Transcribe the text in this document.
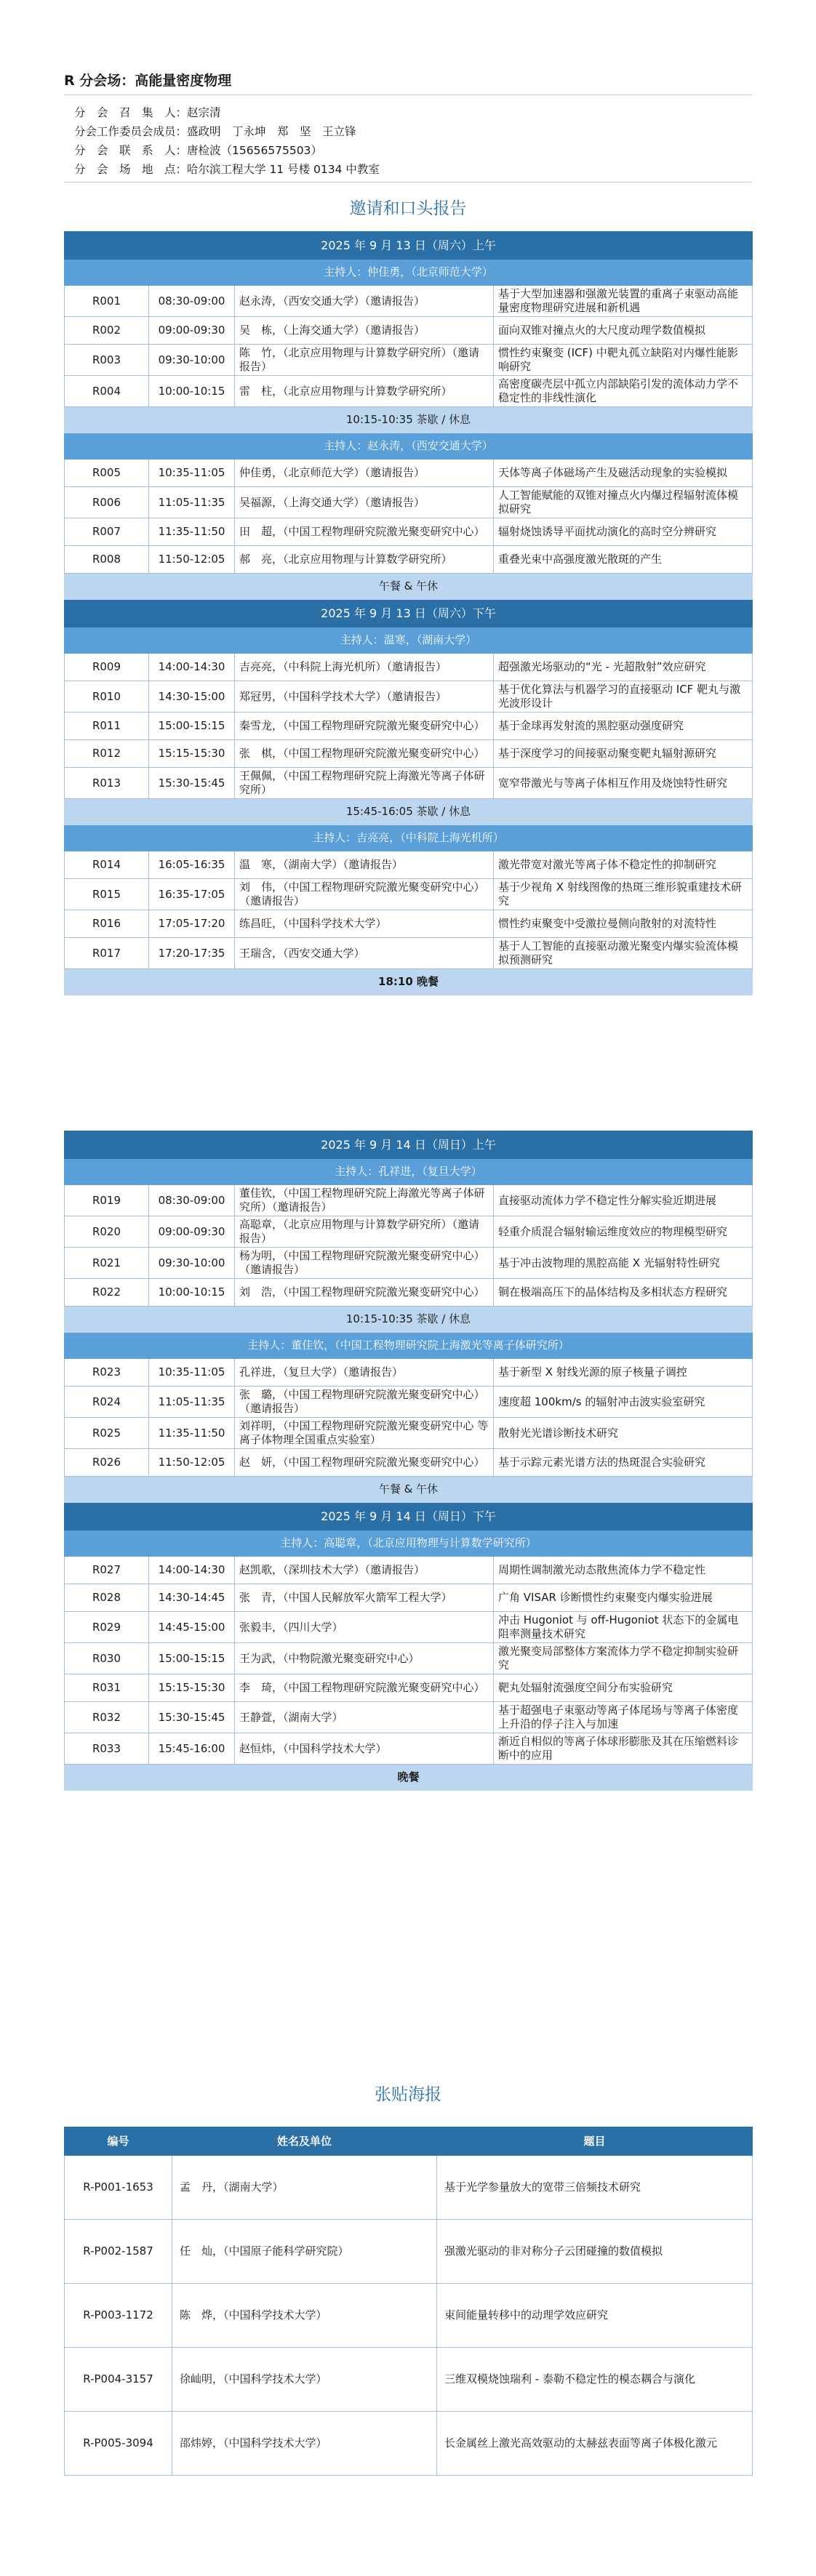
R 分会场：高能量密度物理
分　会　召　集　人：赵宗清
分会工作委员会成员：盛政明　丁永坤　郑　坚　王立锋
分　会　联　系　人：唐检波（15656575503）
分　会　场　地　点：哈尔滨工程大学 11 号楼 0134 中教室
邀请和口头报告
2025 年 9 月 13 日（周六）上午			
主持人：仲佳勇，（北京师范大学）			
R001	08:30-09:00	赵永涛，（西安交通大学）（邀请报告）	基于大型加速器和强激光装置的重离子束驱动高能量密度物理研究进展和新机遇
R002	09:00-09:30	吴　栋，（上海交通大学）（邀请报告）	面向双锥对撞点火的大尺度动理学数值模拟
R003	09:30-10:00	陈　竹，（北京应用物理与计算数学研究所）（邀请报告）	惯性约束聚变 (ICF) 中靶丸孤立缺陷对内爆性能影响研究
R004	10:00-10:15	雷　柱，（北京应用物理与计算数学研究所）	高密度碳壳层中孤立内部缺陷引发的流体动力学不稳定性的非线性演化
10:15-10:35 茶歇 / 休息			
主持人：赵永涛，（西安交通大学）			
R005	10:35-11:05	仲佳勇，（北京师范大学）（邀请报告）	天体等离子体磁场产生及磁活动现象的实验模拟
R006	11:05-11:35	吴福源，（上海交通大学）（邀请报告）	人工智能赋能的双锥对撞点火内爆过程辐射流体模拟研究
R007	11:35-11:50	田　超，（中国工程物理研究院激光聚变研究中心）	辐射烧蚀诱导平面扰动演化的高时空分辨研究
R008	11:50-12:05	郝　亮，（北京应用物理与计算数学研究所）	重叠光束中高强度激光散斑的产生
午餐 & 午休			
2025 年 9 月 13 日（周六）下午			
主持人：温寒，（湖南大学）			
R009	14:00-14:30	吉亮亮，（中科院上海光机所）（邀请报告）	超强激光场驱动的“光 - 光超散射”效应研究
R010	14:30-15:00	郑冠男，（中国科学技术大学）（邀请报告）	基于优化算法与机器学习的直接驱动 ICF 靶丸与激光波形设计
R011	15:00-15:15	秦雪龙，（中国工程物理研究院激光聚变研究中心）	基于金球再发射流的黑腔驱动强度研究
R012	15:15-15:30	张　棋，（中国工程物理研究院激光聚变研究中心）	基于深度学习的间接驱动聚变靶丸辐射源研究
R013	15:30-15:45	王佩佩，（中国工程物理研究院上海激光等离子体研究所）	宽窄带激光与等离子体相互作用及烧蚀特性研究
15:45-16:05 茶歇 / 休息			
主持人：吉亮亮，（中科院上海光机所）			
R014	16:05-16:35	温　寒，（湖南大学）（邀请报告）	激光带宽对激光等离子体不稳定性的抑制研究
R015	16:35-17:05	刘　伟，（中国工程物理研究院激光聚变研究中心）（邀请报告）	基于少视角 X 射线图像的热斑三维形貌重建技术研究
R016	17:05-17:20	练昌旺，（中国科学技术大学）	惯性约束聚变中受激拉曼侧向散射的对流特性
R017	17:20-17:35	王瑞含，（西安交通大学）	基于人工智能的直接驱动激光聚变内爆实验流体模拟预测研究
18:10 晚餐			
2025 年 9 月 14 日（周日）上午			
主持人：孔祥进，（复旦大学）			
R019	08:30-09:00	董佳钦，（中国工程物理研究院上海激光等离子体研究所）（邀请报告）	直接驱动流体力学不稳定性分解实验近期进展
R020	09:00-09:30	高聪章，（北京应用物理与计算数学研究所）（邀请报告）	轻重介质混合辐射输运维度效应的物理模型研究
R021	09:30-10:00	杨为明，（中国工程物理研究院激光聚变研究中心）（邀请报告）	基于冲击波物理的黑腔高能 X 光辐射特性研究
R022	10:00-10:15	刘　浩，（中国工程物理研究院激光聚变研究中心）	铜在极端高压下的晶体结构及多相状态方程研究
10:15-10:35 茶歇 / 休息			
主持人：董佳钦，（中国工程物理研究院上海激光等离子体研究所）			
R023	10:35-11:05	孔祥进，（复旦大学）（邀请报告）	基于新型 X 射线光源的原子核量子调控
R024	11:05-11:35	张　璐，（中国工程物理研究院激光聚变研究中心）（邀请报告）	速度超 100km/s 的辐射冲击波实验室研究
R025	11:35-11:50	刘祥明，（中国工程物理研究院激光聚变研究中心 等离子体物理全国重点实验室）	散射光光谱诊断技术研究
R026	11:50-12:05	赵　妍，（中国工程物理研究院激光聚变研究中心）	基于示踪元素光谱方法的热斑混合实验研究
午餐 & 午休			
2025 年 9 月 14 日（周日）下午			
主持人：高聪章，（北京应用物理与计算数学研究所）			
R027	14:00-14:30	赵凯歌，（深圳技术大学）（邀请报告）	周期性调制激光动态散焦流体力学不稳定性
R028	14:30-14:45	张　青，（中国人民解放军火箭军工程大学）	广角 VISAR 诊断惯性约束聚变内爆实验进展
R029	14:45-15:00	张毅丰，（四川大学）	冲击 Hugoniot 与 off-Hugoniot 状态下的金属电阻率测量技术研究
R030	15:00-15:15	王为武，（中物院激光聚变研究中心）	激光聚变局部整体方案流体力学不稳定抑制实验研究
R031	15:15-15:30	李　琦，（中国工程物理研究院激光聚变研究中心）	靶丸处辐射流强度空间分布实验研究
R032	15:30-15:45	王静萱，（湖南大学）	基于超强电子束驱动等离子体尾场与等离子体密度上升沿的俘子注入与加速
R033	15:45-16:00	赵恒炜，（中国科学技术大学）	渐近自相似的等离子体球形膨胀及其在压缩燃料诊断中的应用
晚餐			
张贴海报
编号	姓名及单位	题目
R-P001-1653	孟　丹，（湖南大学）	基于光学参量放大的宽带三倍频技术研究
R-P002-1587	任　灿，（中国原子能科学研究院）	强激光驱动的非对称分子云团碰撞的数值模拟
R-P003-1172	陈　烨，（中国科学技术大学）	束间能量转移中的动理学效应研究
R-P004-3157	徐屾明，（中国科学技术大学）	三维双模烧蚀瑞利 - 泰勒不稳定性的模态耦合与演化
R-P005-3094	邵炜婷，（中国科学技术大学）	长金属丝上激光高效驱动的太赫兹表面等离子体极化激元
